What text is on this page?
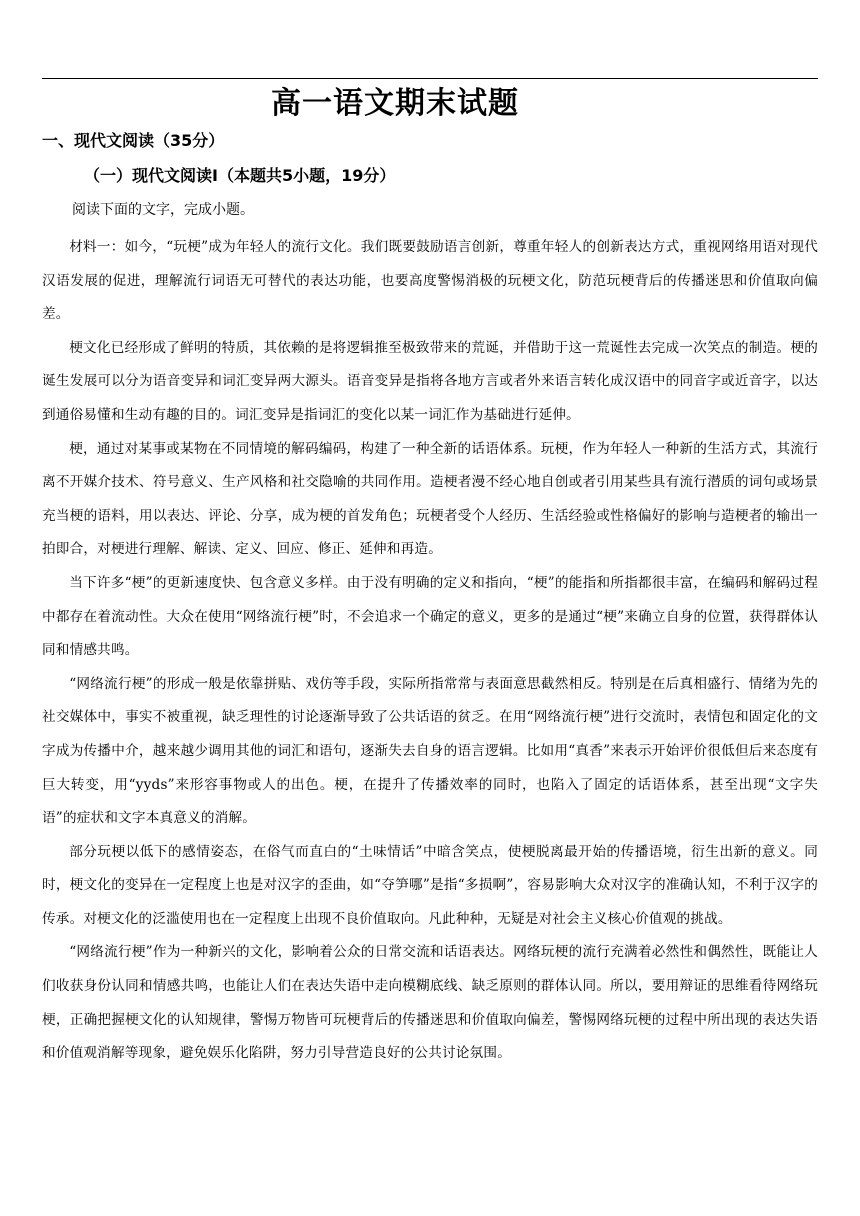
高一语文期末试题
一、现代文阅读（35分）
（一）现代文阅读Ⅰ（本题共5小题，19分）
阅读下面的文字，完成小题。

材料一：如今，“玩梗”成为年轻人的流行文化。我们既要鼓励语言创新，尊重年轻人的创新表达方式，重视网络用语对现代汉语发展的促进，理解流行词语无可替代的表达功能，也要高度警惕消极的玩梗文化，防范玩梗背后的传播迷思和价值取向偏差。

梗文化已经形成了鲜明的特质，其依赖的是将逻辑推至极致带来的荒诞，并借助于这一荒诞性去完成一次笑点的制造。梗的诞生发展可以分为语音变异和词汇变异两大源头。语音变异是指将各地方言或者外来语言转化成汉语中的同音字或近音字，以达到通俗易懂和生动有趣的目的。词汇变异是指词汇的变化以某一词汇作为基础进行延伸。

梗，通过对某事或某物在不同情境的解码编码，构建了一种全新的话语体系。玩梗，作为年轻人一种新的生活方式，其流行离不开媒介技术、符号意义、生产风格和社交隐喻的共同作用。造梗者漫不经心地自创或者引用某些具有流行潜质的词句或场景充当梗的语料，用以表达、评论、分享，成为梗的首发角色；玩梗者受个人经历、生活经验或性格偏好的影响与造梗者的输出一拍即合，对梗进行理解、解读、定义、回应、修正、延伸和再造。

当下许多“梗”的更新速度快、包含意义多样。由于没有明确的定义和指向，“梗”的能指和所指都很丰富，在编码和解码过程中都存在着流动性。大众在使用“网络流行梗”时，不会追求一个确定的意义，更多的是通过“梗”来确立自身的位置，获得群体认同和情感共鸣。

“网络流行梗”的形成一般是依靠拼贴、戏仿等手段，实际所指常常与表面意思截然相反。特别是在后真相盛行、情绪为先的社交媒体中，事实不被重视，缺乏理性的讨论逐渐导致了公共话语的贫乏。在用“网络流行梗”进行交流时，表情包和固定化的文字成为传播中介，越来越少调用其他的词汇和语句，逐渐失去自身的语言逻辑。比如用“真香”来表示开始评价很低但后来态度有巨大转变，用“yyds”来形容事物或人的出色。梗，在提升了传播效率的同时，也陷入了固定的话语体系，甚至出现“文字失语”的症状和文字本真意义的消解。

部分玩梗以低下的感情姿态，在俗气而直白的“土味情话”中暗含笑点，使梗脱离最开始的传播语境，衍生出新的意义。同时，梗文化的变异在一定程度上也是对汉字的歪曲，如“夺笋哪”是指“多损啊”，容易影响大众对汉字的准确认知，不利于汉字的传承。对梗文化的泛滥使用也在一定程度上出现不良价值取向。凡此种种，无疑是对社会主义核心价值观的挑战。

“网络流行梗”作为一种新兴的文化，影响着公众的日常交流和话语表达。网络玩梗的流行充满着必然性和偶然性，既能让人们收获身份认同和情感共鸣，也能让人们在表达失语中走向模糊底线、缺乏原则的群体认同。所以，要用辩证的思维看待网络玩梗，正确把握梗文化的认知规律，警惕万物皆可玩梗背后的传播迷思和价值取向偏差，警惕网络玩梗的过程中所出现的表达失语和价值观消解等现象，避免娱乐化陷阱，努力引导营造良好的公共讨论氛围。
